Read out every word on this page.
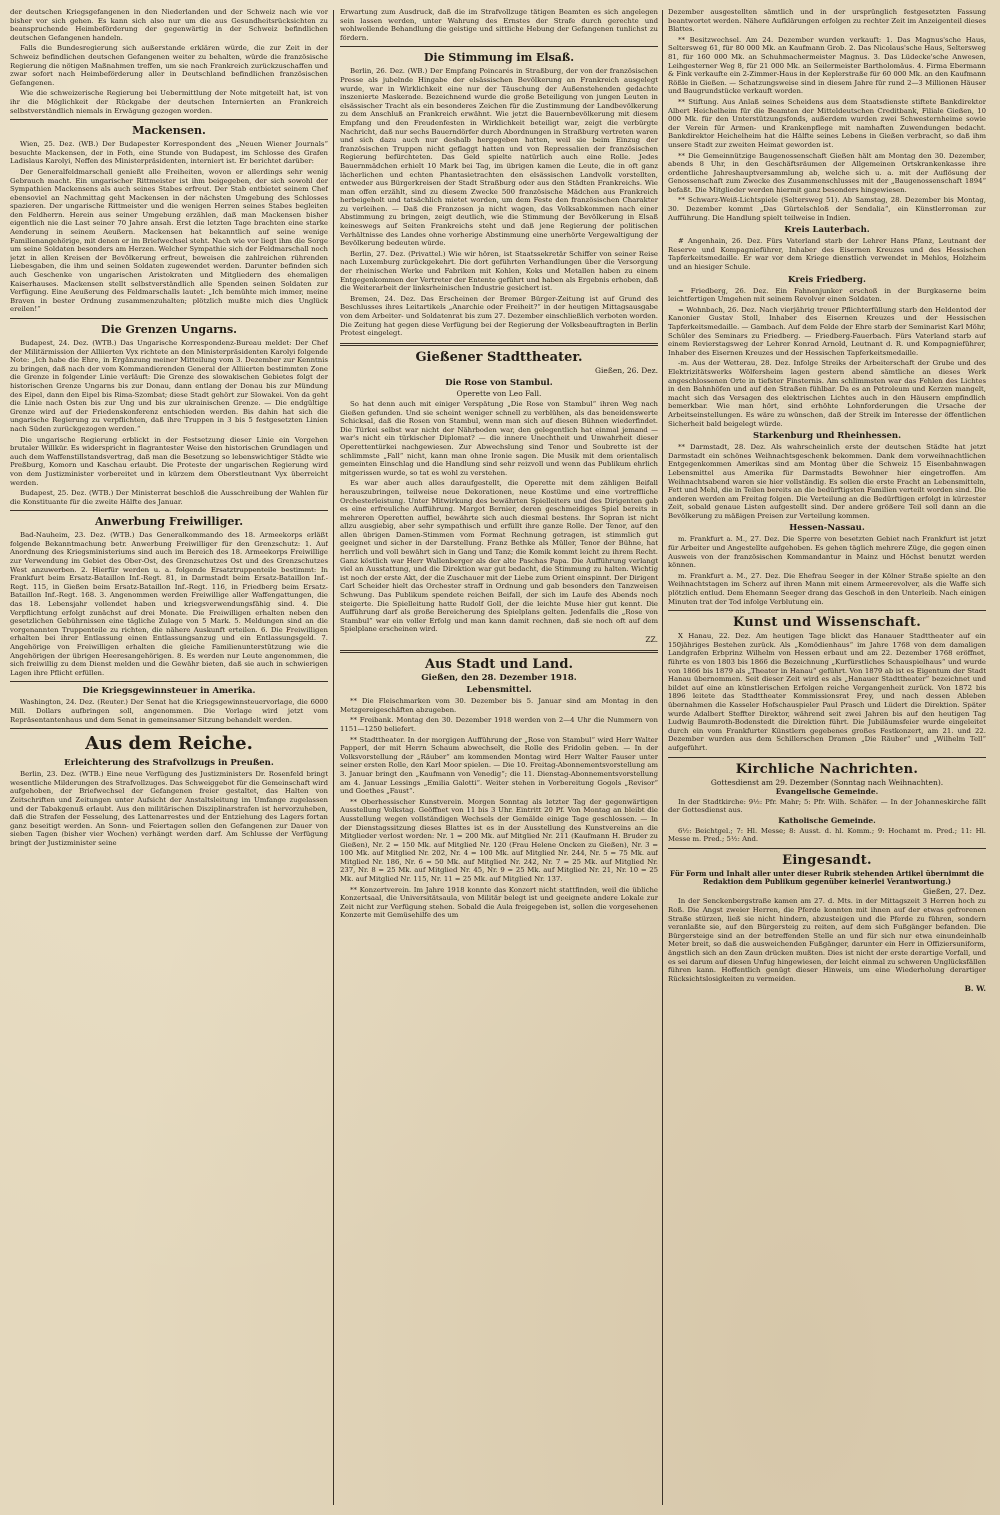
der deutschen Kriegsgefangenen in den Niederlanden und der Schweiz nach wie vor bisher vor sich gehen. Es kann sich also nur um die aus Gesundheitsrücksichten zu beanspruchende Heimbeförderung der gegenwärtig in der Schweiz befindlichen deutschen Gefangenen handeln.

Falls die Bundesregierung sich außerstande erklären würde, die zur Zeit in der Schweiz befindlichen deutschen Gefangenen weiter zu behalten, würde die französische Regierung die nötigen Maßnahmen treffen, um sie nach Frankreich zurückzuschaffen und zwar sofort nach Heimbeförderung aller in Deutschland befindlichen französischen Gefangenen.

Wie die schweizerische Regierung bei Uebermittlung der Note mitgeteilt hat, ist von ihr die Möglichkeit der Rückgabe der deutschen Internierten an Frankreich selbstverständlich niemals in Erwägung gezogen worden.

Mackensen.

Wien, 25. Dez. (WB.) Der Budapester Korrespondent des „Neuen Wiener Journals“ besuchte Mackensen, der in Foth, eine Stunde von Budapest, im Schlosse des Grafen Ladislaus Karolyi, Neffen des Ministerpräsidenten, interniert ist. Er berichtet darüber:

Der Generalfeldmarschall genießt alle Freiheiten, wovon er allerdings sehr wenig Gebrauch macht. Ein ungarischer Rittmeister ist ihm beigegeben, der sich sowohl der Sympathien Mackensens als auch seines Stabes erfreut. Der Stab entbietet seinem Chef ebensoviel an Nachmittag geht Mackensen in der nächsten Umgebung des Schlosses spazieren. Der ungarische Rittmeister und die wenigen Herren seines Stabes begleiten den Feldherrn. Herein aus seiner Umgebung erzählen, daß man Mackensen bisher eigentlich nie die Last seiner 70 Jahre ansah. Erst die letzten Tage brachten eine starke Aenderung in seinem Aeußern. Mackensen hat bekanntlich auf seine wenige Familienangehörige, mit denen er im Briefwechsel steht. Nach wie vor liegt ihm die Sorge um seine Soldaten besonders am Herzen. Welcher Sympathie sich der Feldmarschall noch jetzt in allen Kreisen der Bevölkerung erfreut, beweisen die zahlreichen rührenden Liebesgaben, die ihm und seinen Soldaten zugewendet werden. Darunter befinden sich auch Geschenke von ungarischen Aristokraten und Mitgliedern des ehemaligen Kaiserhauses. Mackensen stellt selbstverständlich alle Spenden seinen Soldaten zur Verfügung. Eine Aeußerung des Feldmarschalls lautet: „Ich bemühte mich immer, meine Braven in bester Ordnung zusammenzuhalten; plötzlich mußte mich dies Unglück ereilen!“

Die Grenzen Ungarns.

Budapest, 24. Dez. (WTB.) Das Ungarische Korrespondenz-Bureau meldet: Der Chef der Militärmission der Alliierten Vyx richtete an den Ministerpräsidenten Karolyi folgende Note: „Ich habe die Ehre, in Ergänzung meiner Mitteilung vom 3. Dezember zur Kenntnis zu bringen, daß nach der vom Kommandierenden General der Alliierten bestimmten Zone die Grenze in folgender Linie verläuft: Die Grenze des slowakischen Gebietes folgt der historischen Grenze Ungarns bis zur Donau, dann entlang der Donau bis zur Mündung des Eipel, dann den Eipel bis Rima-Szombat; diese Stadt gehört zur Slowakei. Von da geht die Linie nach Osten bis zur Ung und bis zur ukrainischen Grenze. — Die endgültige Grenze wird auf der Friedenskonferenz entschieden werden. Bis dahin hat sich die ungarische Regierung zu verpflichten, daß ihre Truppen in 3 bis 5 festgesetzten Linien nach Süden zurückgezogen werden.“

Die ungarische Regierung erblickt in der Festsetzung dieser Linie ein Vorgehen brutaler Willkür. Es widerspricht in flagrantester Weise den historischen Grundlagen und auch dem Waffenstillstandsvertrag, daß man die Besetzung so lebenswichtiger Städte wie Preßburg, Komorn und Kaschau erlaubt. Die Proteste der ungarischen Regierung wird von dem Justizminister vorbereitet und in kürzem dem Oberstleutnant Vyx überreicht werden.

Budapest, 25. Dez. (WTB.) Der Ministerrat beschloß die Ausschreibung der Wahlen für die Konstituante für die zweite Hälfte des Januar.

Anwerbung Freiwilliger.

Bad-Nauheim, 23. Dez. (WTB.) Das Generalkommando des 18. Armeekorps erläßt folgende Bekanntmachung betr. Anwerbung Freiwilliger für den Grenzschutz: 1. Auf Anordnung des Kriegsministeriums sind auch im Bereich des 18. Armeekorps Freiwillige zur Verwendung im Gebiet des Ober-Ost, des Grenzschutzes Ost und des Grenzschutzes West anzuwerben. 2. Hierfür werden u. a. folgende Ersatztruppenteile bestimmt: In Frankfurt beim Ersatz-Bataillon Inf.-Regt. 81, in Darmstadt beim Ersatz-Bataillon Inf.-Regt. 115, in Gießen beim Ersatz-Bataillon Inf.-Regt. 116, in Friedberg beim Ersatz-Bataillon Inf.-Regt. 168. 3. Angenommen werden Freiwillige aller Waffengattungen, die das 18. Lebensjahr vollendet haben und kriegsverwendungsfähig sind. 4. Die Verpflichtung erfolgt zunächst auf drei Monate. Die Freiwilligen erhalten neben den gesetzlichen Gebührnissen eine tägliche Zulage von 5 Mark. 5. Meldungen sind an die vorgenannten Truppenteile zu richten, die nähere Auskunft erteilen. 6. Die Freiwilligen erhalten bei ihrer Entlassung einen Entlassungsanzug und ein Entlassungsgeld. 7. Angehörige von Freiwilligen erhalten die gleiche Familienunterstützung wie die Angehörigen der übrigen Heeresangehörigen. 8. Es werden nur Leute angenommen, die sich freiwillig zu dem Dienst melden und die Gewähr bieten, daß sie auch in schwierigen Lagen ihre Pflicht erfüllen.

Die Kriegsgewinnsteuer in Amerika.

Washington, 24. Dez. (Reuter.) Der Senat hat die Kriegsgewinnsteuervorlage, die 6000 Mill. Dollars aufbringen soll, angenommen. Die Vorlage wird jetzt vom Repräsentantenhaus und dem Senat in gemeinsamer Sitzung behandelt werden.

Aus dem Reiche.
Erleichterung des Strafvollzugs in Preußen.

Berlin, 23. Dez. (WTB.) Eine neue Verfügung des Justizministers Dr. Rosenfeld bringt wesentliche Milderungen des Strafvollzuges. Das Schweiggebot für die Gemeinschaft wird aufgehoben, der Briefwechsel der Gefangenen freier gestaltet, das Halten von Zeitschriften und Zeitungen unter Aufsicht der Anstaltsleitung im Umfange zugelassen und der Tabakgenuß erlaubt. Aus den militärischen Disziplinarstrafen ist hervorzuheben, daß die Strafen der Fesselung, des Lattenarrestes und der Entziehung des Lagers fortan ganz beseitigt werden. An Sonn- und Feiertagen sollen den Gefangenen zur Dauer von sieben Tagen (bisher vier Wochen) verhängt werden darf. Am Schlusse der Verfügung bringt der Justizminister seine

Erwartung zum Ausdruck, daß die im Strafvollzuge tätigen Beamten es sich angelegen sein lassen werden, unter Wahrung des Ernstes der Strafe durch gerechte und wohlwollende Behandlung die geistige und sittliche Hebung der Gefangenen tunlichst zu fördern.

Die Stimmung im Elsaß.

Berlin, 26. Dez. (WB.) Der Empfang Poincarés in Straßburg, der von der französischen Presse als jubelnde Hingabe der elsässischen Bevölkerung an Frankreich ausgelegt wurde, war in Wirklichkeit eine nur der Täuschung der Außenstehenden gedachte inszenierte Maskerade. Bezeichnend wurde die große Beteiligung von jungen Leuten in elsässischer Tracht als ein besonderes Zeichen für die Zustimmung der Landbevölkerung zu dem Anschluß an Frankreich erwähnt. Wie jetzt die Bauernbevölkerung mit diesem Empfang und den Freudenfesten in Wirklichkeit beteiligt war, zeigt die verbürgte Nachricht, daß nur sechs Bauerndörfer durch Abordnungen in Straßburg vertreten waren und sich dazu auch nur deshalb hergegeben hatten, weil sie beim Einzug der französischen Truppen nicht geflaggt hatten und von Repressalien der französischen Regierung befürchteten. Das Geld spielte natürlich auch eine Rolle. Jedes Bauernmädchen erhielt 10 Mark bei Tag, im übrigen kamen die Leute, die in oft ganz lächerlichen und echten Phantasietrachten den elsässischen Landvolk vorstellten, entweder aus Bürgerkreisen der Stadt Straßburg oder aus den Städten Frankreichs. Wie man offen erzählt, sind zu diesem Zwecke 500 französische Mädchen aus Frankreich herbeigeholt und tatsächlich mietet worden, um dem Feste den französischen Charakter zu verleihen. — Daß die Franzosen ja nicht wagen, das Volksabkommen nach einer Abstimmung zu bringen, zeigt deutlich, wie die Stimmung der Bevölkerung in Elsaß keineswegs auf Seiten Frankreichs steht und daß jene Regierung der politischen Verhältnisse des Landes ohne vorherige Abstimmung eine unerhörte Vergewaltigung der Bevölkerung bedeuten würde.

Berlin, 27. Dez. (Privattel.) Wie wir hören, ist Staatssekretär Schiffer von seiner Reise nach Luxemburg zurückgekehrt. Die dort geführten Verhandlungen über die Versorgung der rheinischen Werke und Fabriken mit Kohlen, Koks und Metallen haben zu einem Entgegenkommen der Vertreter der Entente geführt und haben als Ergebnis erhoben, daß die Weiterarbeit der linksrheinischen Industrie gesichert ist.

Bremen, 24. Dez. Das Erscheinen der Bremer Bürger-Zeitung ist auf Grund des Beschlusses ihres Leitartikels „Anarchie oder Freiheit?“ in der heutigen Mittagsausgabe von dem Arbeiter- und Soldatenrat bis zum 27. Dezember einschließlich verboten worden. Die Zeitung hat gegen diese Verfügung bei der Regierung der Volksbeauftragten in Berlin Protest eingelegt.

Gießener Stadttheater.
Gießen, 26. Dez.
Die Rose von Stambul.
Operette von Leo Fall.

So hat denn auch mit einiger Verspätung „Die Rose von Stambul“ ihren Weg nach Gießen gefunden. Und sie scheint weniger schnell zu verblühen, als das beneidenswerte Schicksal, daß die Rosen von Stambul, wenn man sich auf diesen Bühnen wiederfindet. Die Türkei selbst war nicht der Nährboden war, den gelegentlich hat einmal jemand — war's nicht ein türkischer Diplomat? — die innere Unechtheit und Unwahrheit dieser Operettentürkei nachgewiesen. Zur Abwechslung sind Tenor und Soubrette ist der schlimmste „Fall“ nicht, kann man ohne Ironie sagen. Die Musik mit dem orientalisch gemeinten Einschlag und die Handlung sind sehr reizvoll und wenn das Publikum ehrlich mitgerissen wurde, so tat es wohl zu verstehen.

Es war aber auch alles daraufgestellt, die Operette mit dem zähligen Beifall herauszubringen, teilweise neue Dekorationen, neue Kostüme und eine vortreffliche Orchesterleistung. Unter Mitwirkung des bewährten Spielleiters und des Dirigenten gab es eine erfreuliche Aufführung. Margot Bernier, deren geschmeidiges Spiel bereits in mehreren Operetten auffiel, bewährte sich auch diesmal bestens. Ihr Sopran ist nicht allzu ausgiebig, aber sehr sympathisch und erfüllt ihre ganze Rolle. Der Tenor, auf den allen übrigen Damen-Stimmen vom Format Rechnung getragen, ist stimmlich gut geeignet und sicher in der Darstellung. Franz Bethke als Müller, Tenor der Bühne, hat herrlich und voll bewährt sich in Gang und Tanz; die Komik kommt leicht zu ihrem Recht. Ganz köstlich war Herr Wallenberger als der alte Paschas Papa. Die Aufführung verlangt viel an Ausstattung, und die Direktion war gut bedacht, die Stimmung zu halten. Wichtig ist noch der erste Akt, der die Zuschauer mit der Liebe zum Orient einspinnt. Der Dirigent Carl Scheider hielt das Orchester straff in Ordnung und gab besonders den Tanzweisen Schwung. Das Publikum spendete reichen Beifall, der sich im Laufe des Abends noch steigerte. Die Spielleitung hatte Rudolf Goll, der die leichte Muse hier gut kennt. Die Aufführung darf als große Bereicherung des Spielplans gelten. Jedenfalls die „Rose von Stambul“ war ein voller Erfolg und man kann damit rechnen, daß sie noch oft auf dem Spielplane erscheinen wird.

ZZ.
Aus Stadt und Land.
Gießen, den 28. Dezember 1918.
Lebensmittel.

** Die Fleischmarken vom 30. Dezember bis 5. Januar sind am Montag in den Metzgereigeschäften abzugeben.

** Freibank. Montag den 30. Dezember 1918 werden von 2—4 Uhr die Nummern von 1151—1250 beliefert.

** Stadttheater. In der morgigen Aufführung der „Rose von Stambul“ wird Herr Walter Papperl, der mit Herrn Schaum abwechselt, die Rolle des Fridolin geben. — In der Volksvorstellung der „Räuber“ am kommenden Montag wird Herr Walter Fauser unter seiner ersten Rolle, den Karl Moor spielen. — Die 10. Freitag-Abonnementsvorstellung am 3. Januar bringt den „Kaufmann von Venedig“; die 11. Dienstag-Abonnementsvorstellung am 4. Januar Lessings „Emilia Galotti“. Weiter stehen in Vorbereitung Gogols „Revisor“ und Goethes „Faust“.

** Oberhessischer Kunstverein. Morgen Sonntag als letzter Tag der gegenwärtigen Ausstellung Volkstag. Geöffnet von 11 bis 3 Uhr. Eintritt 20 Pf. Von Montag an bleibt die Ausstellung wegen vollständigen Wechsels der Gemälde einige Tage geschlossen. — In der Dienstagssitzung dieses Blattes ist es in der Ausstellung des Kunstvereins an die Mitglieder verlost worden: Nr. 1 = 200 Mk. auf Mitglied Nr. 211 (Kaufmann H. Bruder zu Gießen), Nr. 2 = 150 Mk. auf Mitglied Nr. 120 (Frau Helene Oncken zu Gießen), Nr. 3 = 100 Mk. auf Mitglied Nr. 202, Nr. 4 = 100 Mk. auf Mitglied Nr. 244, Nr. 5 = 75 Mk. auf Mitglied Nr. 186, Nr. 6 = 50 Mk. auf Mitglied Nr. 242, Nr. 7 = 25 Mk. auf Mitglied Nr. 237, Nr. 8 = 25 Mk. auf Mitglied Nr. 45, Nr. 9 = 25 Mk. auf Mitglied Nr. 21, Nr. 10 = 25 Mk. auf Mitglied Nr. 115, Nr. 11 = 25 Mk. auf Mitglied Nr. 137.

** Konzertverein. Im Jahre 1918 konnte das Konzert nicht stattfinden, weil die übliche Konzertsaal, die Universitätsaula, von Militär belegt ist und geeignete andere Lokale zur Zeit nicht zur Verfügung stehen. Sobald die Aula freigegeben ist, sollen die vorgesehenen Konzerte mit Gemüsehilfe des um

Dezember ausgestellten sämtlich und in der ursprünglich festgesetzten Fassung beantwortet werden. Nähere Aufklärungen erfolgen zu rechter Zeit im Anzeigenteil dieses Blattes.

** Besitzwechsel. Am 24. Dezember wurden verkauft: 1. Das Magnus'sche Haus, Seltersweg 61, für 80 000 Mk. an Kaufmann Grob. 2. Das Nicolaus'sche Haus, Seltersweg 81, für 160 000 Mk. an Schuhmachermeister Magnus. 3. Das Lüdecke'sche Anwesen, Leihgesterner Weg 8, für 21 000 Mk. an Seilermeister Bartholomäus. 4. Firma Ebermann & Fink verkaufte ein 2-Zimmer-Haus in der Keplerstraße für 60 000 Mk. an den Kaufmann Rößle in Gießen. — Schatzungsweise sind in diesem Jahre für rund 2—3 Millionen Häuser und Baugrundstücke verkauft worden.

** Stiftung. Aus Anlaß seines Scheidens aus dem Staatsdienste stiftete Bankdirektor Albert Heichelheim für die Beamten der Mitteldeutschen Creditbank, Filiale Gießen, 10 000 Mk. für den Unterstützungsfonds, außerdem wurden zwei Schwesternheime sowie der Verein für Armen- und Krankenpflege mit namhaften Zuwendungen bedacht. Bankdirektor Heichelheim hat die Hälfte seines Lebens in Gießen verbracht, so daß ihm unsere Stadt zur zweiten Heimat geworden ist.

** Die Gemeinnützige Baugenossenschaft Gießen hält am Montag den 30. Dezember, abends 8 Uhr, in den Geschäftsräumen der Allgemeinen Ortskrankenkasse ihre ordentliche Jahreshauptversammlung ab, welche sich u. a. mit der Auflösung der Genossenschaft zum Zwecke des Zusammenschlusses mit der „Baugenossenschaft 1894“ befaßt. Die Mitglieder werden hiermit ganz besonders hingewiesen.

** Schwarz-Weiß-Lichtspiele (Seltersweg 51). Ab Samstag, 28. Dezember bis Montag, 30. Dezember kommt „Das Gürtelschloß der Sendalia“, ein Künstlerroman zur Aufführung. Die Handlung spielt teilweise in Indien.

Kreis Lauterbach.

# Angenhain, 26. Dez. Fürs Vaterland starb der Lehrer Hans Pfanz, Leutnant der Reserve und Kompagnieführer, Inhaber des Eisernen Kreuzes und des Hessischen Tapferkeitsmedaille. Er war vor dem Kriege dienstlich verwendet in Mehlos, Holzheim und an hiesiger Schule.

Kreis Friedberg.

= Friedberg, 26. Dez. Ein Fahnenjunker erschoß in der Burgkaserne beim leichtfertigen Umgehen mit seinem Revolver einen Soldaten.

= Wohnbach, 26. Dez. Nach vierjährig treuer Pflichterfüllung starb den Heldentod der Kanonier Gustav Stoll, Inhaber des Eisernen Kreuzes und der Hessischen Tapferkeitsmedaille. — Gambach. Auf dem Felde der Ehre starb der Seminarist Karl Möhr, Schüler des Seminars zu Friedberg. — Friedberg-Fauerbach. Fürs Vaterland starb auf einem Revierstagsweg der Lehrer Konrad Arnold, Leutnant d. R. und Kompagnieführer, Inhaber des Eisernen Kreuzes und der Hessischen Tapferkeitsmedaille.

-m. Aus der Wetterau, 28. Dez. Infolge Streiks der Arbeiterschaft der Grube und des Elektrizitätswerks Wölfersheim lagen gestern abend sämtliche an dieses Werk angeschlossenen Orte in tiefster Finsternis. Am schlimmsten war das Fehlen des Lichtes in den Bahnhöfen und auf den Straßen fühlbar. Da es an Petroleum und Kerzen mangelt, macht sich das Versagen des elektrischen Lichtes auch in den Häusern empfindlich bemerkbar. Wie man hört, sind erhöhte Lohnforderungen die Ursache der Arbeitseinstellungen. Es wäre zu wünschen, daß der Streik im Interesse der öffentlichen Sicherheit bald beigelegt würde.

Starkenburg und Rheinhessen.

** Darmstadt, 28. Dez. Als wahrscheinlich erste der deutschen Städte hat jetzt Darmstadt ein schönes Weihnachtsgeschenk bekommen. Dank dem vorweihnachtlichen Entgegenkommen Amerikas sind am Montag über die Schweiz 15 Eisenbahnwagen Lebensmittel aus Amerika für Darmstadts Bewohner hier eingetroffen. Am Weihnachtsabend waren sie hier vollständig. Es sollen die erste Fracht an Lebensmitteln, Fett und Mehl, die in Teilen bereits an die bedürftigsten Familien verteilt worden sind. Die anderen werden am Freitag folgen. Die Verteilung an die Bedürftigen erfolgt in kürzester Zeit, sobald genaue Listen aufgestellt sind. Der andere größere Teil soll dann an die Bevölkerung zu mäßigen Preisen zur Verteilung kommen.

Hessen-Nassau.

m. Frankfurt a. M., 27. Dez. Die Sperre von besetzten Gebiet nach Frankfurt ist jetzt für Arbeiter und Angestellte aufgehoben. Es gehen täglich mehrere Züge, die gegen einen Ausweis von der französischen Kommandantur in Mainz und Höchst benutzt werden können.

m. Frankfurt a. M., 27. Dez. Die Ehefrau Seeger in der Kölner Straße spielte an den Weihnachtstagen im Scherz auf ihren Mann mit einem Armeerevolver, als die Waffe sich plötzlich entlud. Dem Ehemann Seeger drang das Geschoß in den Unterleib. Nach einigen Minuten trat der Tod infolge Verblutung ein.

Kunst und Wissenschaft.

X Hanau, 22. Dez. Am heutigen Tage blickt das Hanauer Stadttheater auf ein 150jähriges Bestehen zurück. Als „Komödienhaus“ im Jahre 1768 von dem damaligen Landgrafen Erbprinz Wilhelm von Hessen erbaut und am 22. Dezember 1768 eröffnet, führte es von 1803 bis 1866 die Bezeichnung „Kurfürstliches Schauspielhaus“ und wurde von 1866 bis 1879 als „Theater in Hanau“ geführt. Von 1879 ab ist es Eigentum der Stadt Hanau übernommen. Seit dieser Zeit wird es als „Hanauer Stadttheater“ bezeichnet und bildet auf eine an künstlerischen Erfolgen reiche Vergangenheit zurück. Von 1872 bis 1896 leitete das Stadttheater Kommissionsrat Frey, und nach dessen Ableben übernahmen die Kasseler Hofschauspieler Paul Prasch und Lüdert die Direktion. Später wurde Adalbert Steffter Direktor, während seit zwei Jahren bis auf den heutigen Tag Ludwig Baumroth-Bodenstedt die Direktion führt. Die Jubiläumsfeier wurde eingeleitet durch ein vom Frankfurter Künstlern gegebenes großes Festkonzert, am 21. und 22. Dezember wurden aus dem Schillerschen Dramen „Die Räuber“ und „Wilhelm Tell“ aufgeführt.

Kirchliche Nachrichten.
Gottesdienst am 29. Dezember (Sonntag nach Weihnachten).
Evangelische Gemeinde.

In der Stadtkirche: 9½: Pfr. Mahr; 5: Pfr. Wilh. Schäfer. — In der Johanneskirche fällt der Gottesdienst aus.

Katholische Gemeinde.

6½: Beichtgel.; 7: Hl. Messe; 8: Ausst. d. hl. Komm.; 9: Hochamt m. Pred.; 11: Hl. Messe m. Pred.; 5½: And.

Eingesandt.
Für Form und Inhalt aller unter dieser Rubrik stehenden Artikel übernimmt die Redaktion dem Publikum gegenüber keinerlei Verantwortung.)
Gießen, 27. Dez.

In der Senckenbergstraße kamen am 27. d. Mts. in der Mittagszeit 3 Herren hoch zu Roß. Die Angst zweier Herren, die Pferde konnten mit ihnen auf der etwas gefrorenen Straße stürzen, ließ sie nicht hindern, abzusteigen und die Pferde zu führen, sondern veranlaßte sie, auf den Bürgersteig zu reiten, auf dem sich Fußgänger befanden. Die Bürgersteige sind an der betreffenden Stelle an und für sich nur etwa einundeinhalb Meter breit, so daß die ausweichenden Fußgänger, darunter ein Herr in Offiziersuniform, ängstlich sich an den Zaun drücken mußten. Dies ist nicht der erste derartige Vorfall, und es sei darum auf diesen Unfug hingewiesen, der leicht einmal zu schweren Unglücksfällen führen kann. Hoffentlich genügt dieser Hinweis, um eine Wiederholung derartiger Rücksichtslosigkeiten zu vermeiden.

B. W.
